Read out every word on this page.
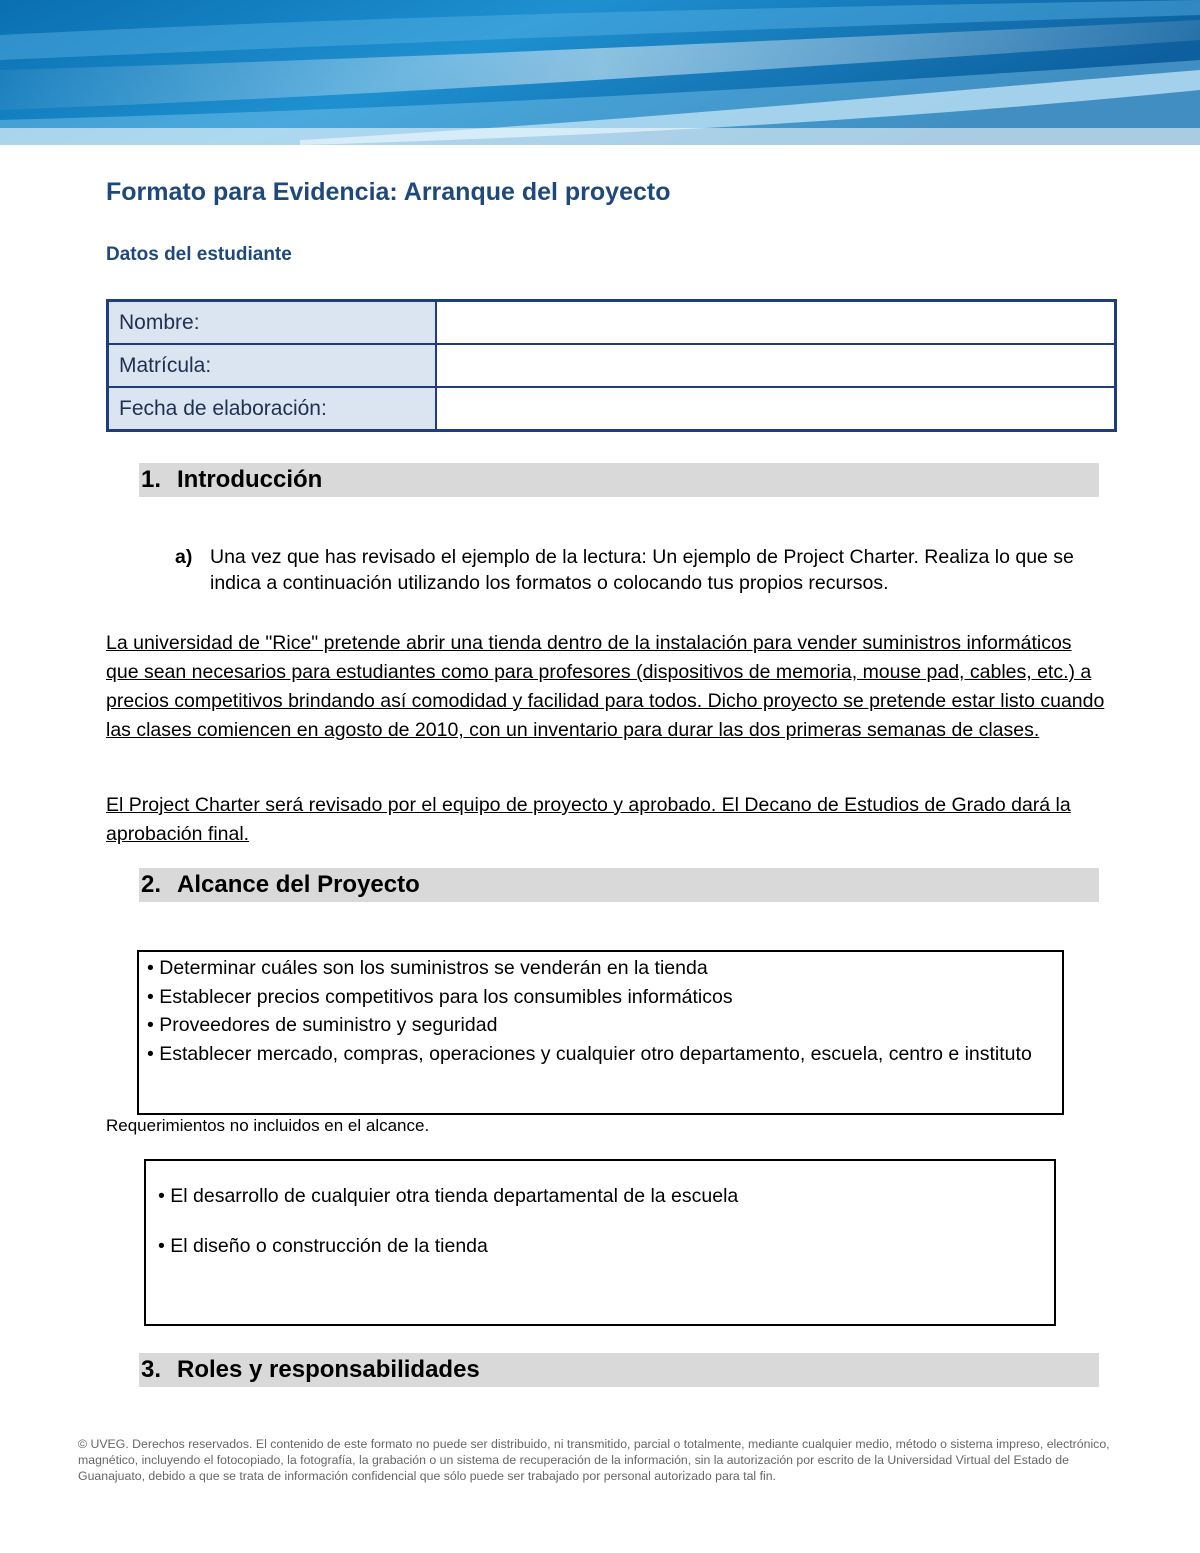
Formato para Evidencia: Arranque del proyecto
Datos del estudiante
Nombre:	
Matrícula:	
Fecha de elaboración:	
1. Introducción
a) Una vez que has revisado el ejemplo de la lectura: Un ejemplo de Project Charter. Realiza lo que se indica a continuación utilizando los formatos o colocando tus propios recursos.

La universidad de "Rice" pretende abrir una tienda dentro de la instalación para vender suministros informáticos que sean necesarios para estudiantes como para profesores (dispositivos de memoria, mouse pad, cables, etc.) a precios competitivos brindando así comodidad y facilidad para todos. Dicho proyecto se pretende estar listo cuando las clases comiencen en agosto de 2010, con un inventario para durar las dos primeras semanas de clases.

El Project Charter será revisado por el equipo de proyecto y aprobado. El Decano de Estudios de Grado dará la aprobación final.

2. Alcance del Proyecto
• Determinar cuáles son los suministros se venderán en la tienda
• Establecer precios competitivos para los consumibles informáticos
• Proveedores de suministro y seguridad
• Establecer mercado, compras, operaciones y cualquier otro departamento, escuela, centro e instituto

Requerimientos no incluidos en el alcance.

• El desarrollo de cualquier otra tienda departamental de la escuela
• El diseño o construcción de la tienda
3. Roles y responsabilidades

© UVEG. Derechos reservados. El contenido de este formato no puede ser distribuido, ni transmitido, parcial o totalmente, mediante cualquier medio, método o sistema impreso, electrónico, magnético, incluyendo el fotocopiado, la fotografía, la grabación o un sistema de recuperación de la información, sin la autorización por escrito de la Universidad Virtual del Estado de Guanajuato, debido a que se trata de información confidencial que sólo puede ser trabajado por personal autorizado para tal fin.
